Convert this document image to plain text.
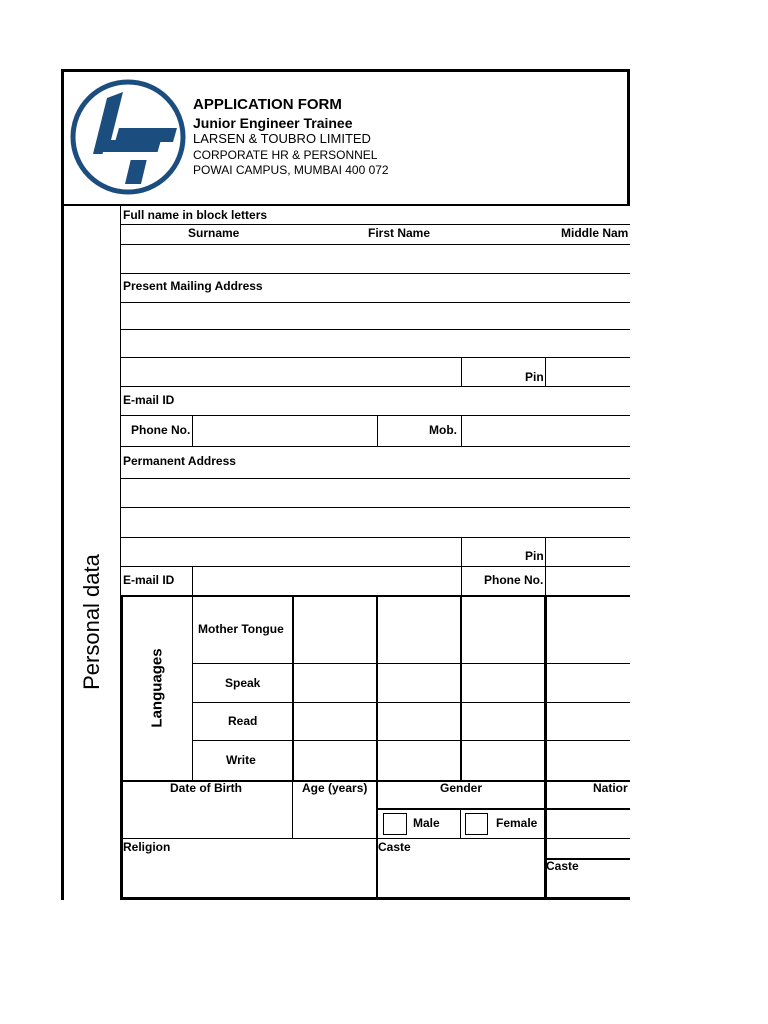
APPLICATION FORM
Junior Engineer Trainee
LARSEN & TOUBRO LIMITED
CORPORATE HR & PERSONNEL
POWAI CAMPUS, MUMBAI 400 072
Personal data
Full name in block letters
Surname	First Name	Middle Nam
Present Mailing Address
Pin
E-mail ID
Phone No.	Mob.
Permanent Address
Pin
E-mail ID	Phone No.
Languages
Mother Tongue
Speak
Read
Write
Date of Birth	Age (years)	Gender	Natior
Male	Female
Religion	Caste
Caste
